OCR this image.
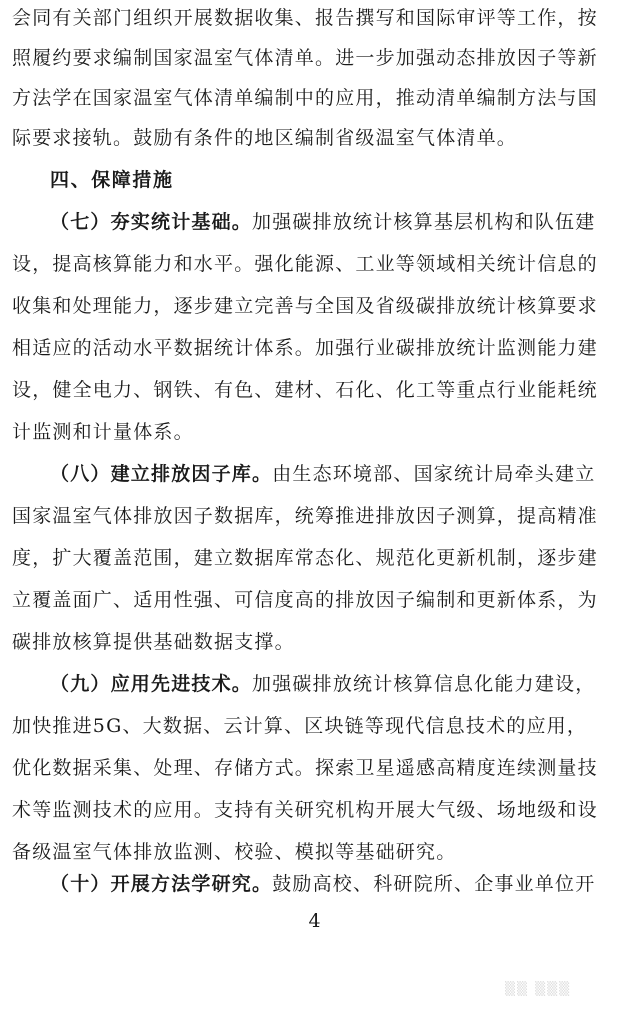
会同有关部门组织开展数据收集、报告撰写和国际审评等工作，按
照履约要求编制国家温室气体清单。进一步加强动态排放因子等新
方法学在国家温室气体清单编制中的应用，推动清单编制方法与国
际要求接轨。鼓励有条件的地区编制省级温室气体清单。
四、保障措施
（七）夯实统计基础。加强碳排放统计核算基层机构和队伍建
设，提高核算能力和水平。强化能源、工业等领域相关统计信息的
收集和处理能力，逐步建立完善与全国及省级碳排放统计核算要求
相适应的活动水平数据统计体系。加强行业碳排放统计监测能力建
设，健全电力、钢铁、有色、建材、石化、化工等重点行业能耗统
计监测和计量体系。
（八）建立排放因子库。由生态环境部、国家统计局牵头建立
国家温室气体排放因子数据库，统筹推进排放因子测算，提高精准
度，扩大覆盖范围，建立数据库常态化、规范化更新机制，逐步建
立覆盖面广、适用性强、可信度高的排放因子编制和更新体系，为
碳排放核算提供基础数据支撑。
（九）应用先进技术。加强碳排放统计核算信息化能力建设，
加快推进5G、大数据、云计算、区块链等现代信息技术的应用，
优化数据采集、处理、存储方式。探索卫星遥感高精度连续测量技
术等监测技术的应用。支持有关研究机构开展大气级、场地级和设
备级温室气体排放监测、校验、模拟等基础研究。
（十）开展方法学研究。鼓励高校、科研院所、企事业单位开
4
▒▒ ▒▒▒
